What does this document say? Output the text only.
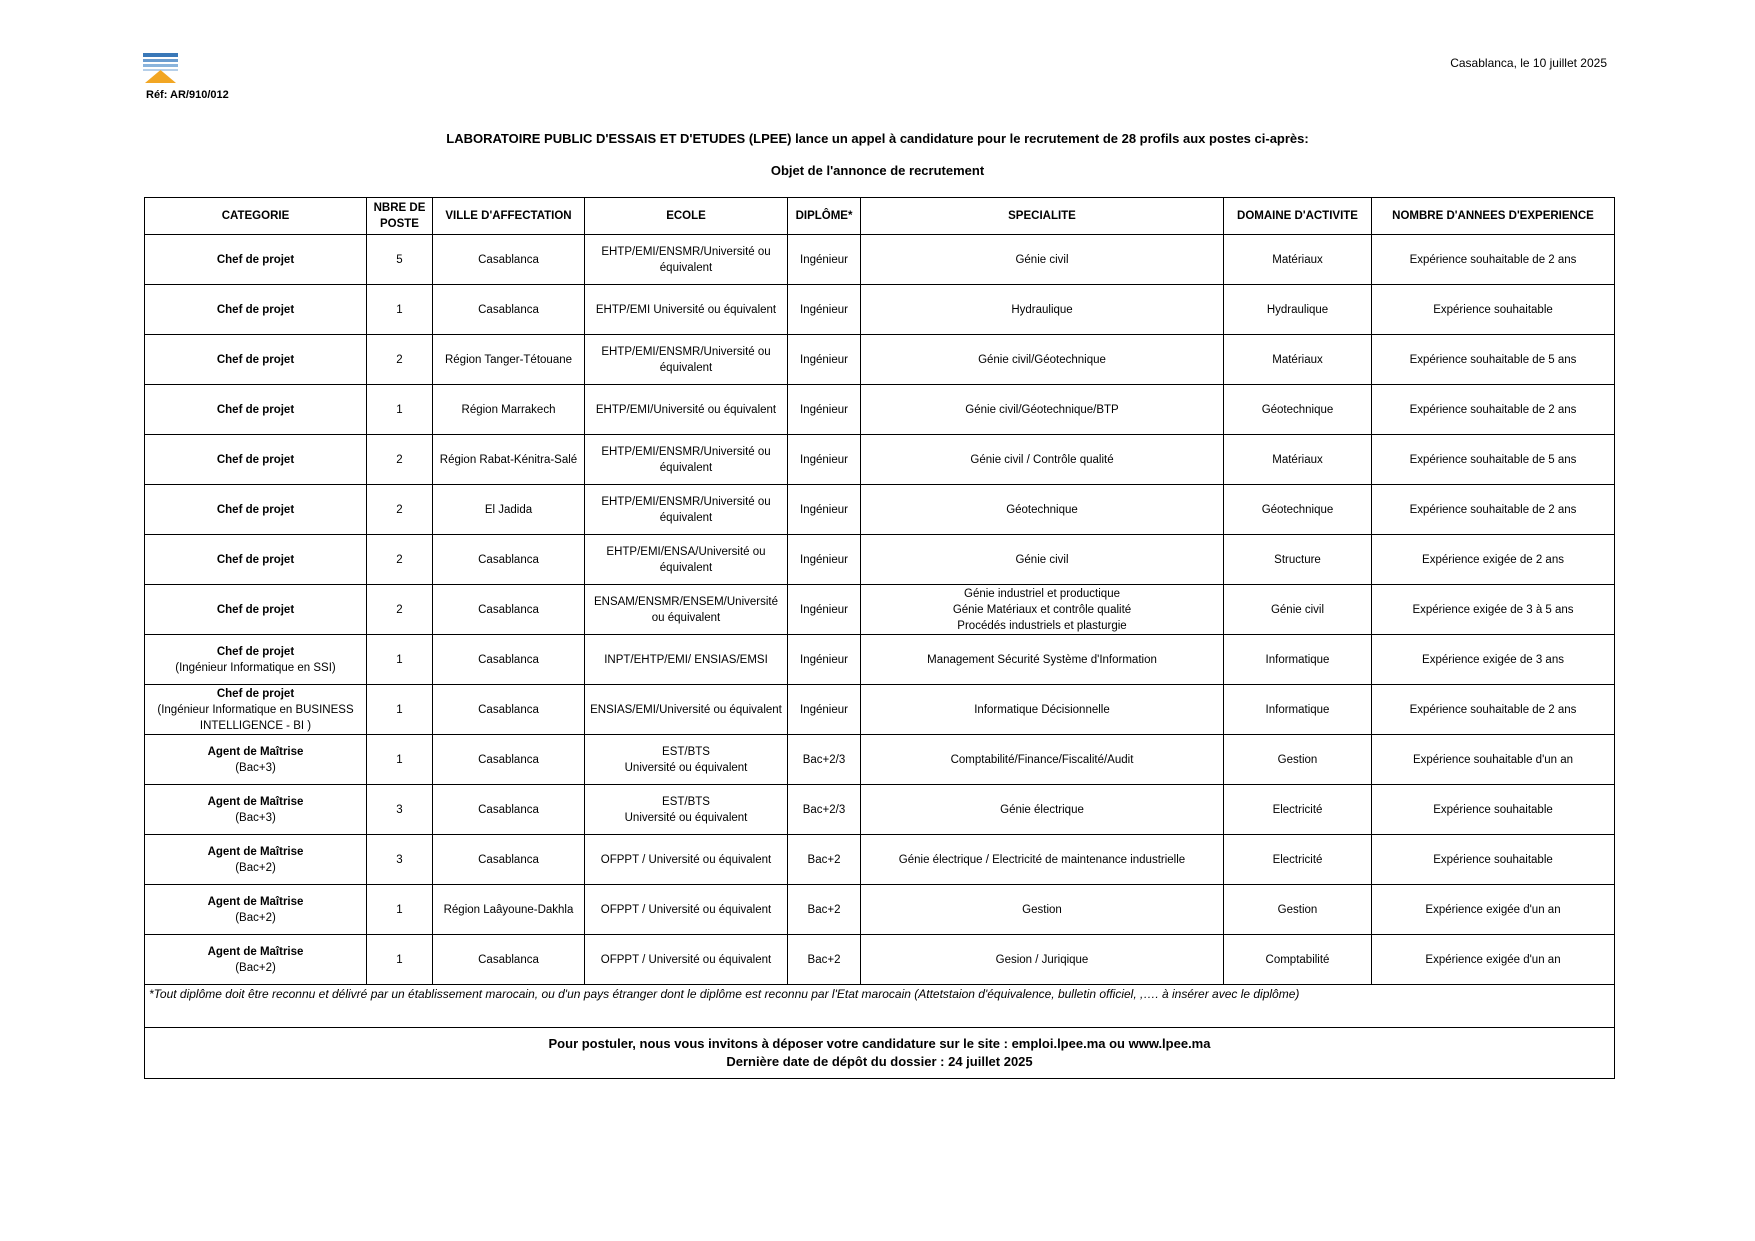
Réf: AR/910/012
Casablanca, le 10 juillet 2025
LABORATOIRE PUBLIC D'ESSAIS ET D'ETUDES (LPEE) lance un appel à candidature pour le recrutement de 28 profils aux postes ci-après:
Objet de l'annonce de recrutement
CATEGORIE	NBRE DE POSTE	VILLE D'AFFECTATION	ECOLE	DIPLÔME*	SPECIALITE	DOMAINE D'ACTIVITE	NOMBRE D'ANNEES D'EXPERIENCE

Chef de projet	5	Casablanca	EHTP/EMI/ENSMR/Université ou
équivalent	Ingénieur	Génie civil	Matériaux	Expérience souhaitable de 2 ans

Chef de projet	1	Casablanca	EHTP/EMI Université ou équivalent	Ingénieur	Hydraulique	Hydraulique	Expérience souhaitable

Chef de projet	2	Région Tanger-Tétouane	EHTP/EMI/ENSMR/Université ou
équivalent	Ingénieur	Génie civil/Géotechnique	Matériaux	Expérience souhaitable de 5 ans

Chef de projet	1	Région Marrakech	EHTP/EMI/Université ou équivalent	Ingénieur	Génie civil/Géotechnique/BTP	Géotechnique	Expérience souhaitable de 2 ans

Chef de projet	2	Région Rabat-Kénitra-Salé	EHTP/EMI/ENSMR/Université ou
équivalent	Ingénieur	Génie civil / Contrôle qualité	Matériaux	Expérience souhaitable de 5 ans

Chef de projet	2	El Jadida	EHTP/EMI/ENSMR/Université ou
équivalent	Ingénieur	Géotechnique	Géotechnique	Expérience souhaitable de 2 ans

Chef de projet	2	Casablanca	EHTP/EMI/ENSA/Université ou
équivalent	Ingénieur	Génie civil	Structure	Expérience exigée de 2 ans

Chef de projet	2	Casablanca	ENSAM/ENSMR/ENSEM/Université
ou équivalent	Ingénieur	Génie industriel et productique
Génie Matériaux et contrôle qualité
Procédés industriels et plasturgie	Génie civil	Expérience exigée de 3 à 5 ans

Chef de projet
(Ingénieur Informatique en SSI)	1	Casablanca	INPT/EHTP/EMI/ ENSIAS/EMSI	Ingénieur	Management Sécurité Système d'Information	Informatique	Expérience exigée de 3 ans

Chef de projet
(Ingénieur Informatique en BUSINESS INTELLIGENCE - BI )	1	Casablanca	ENSIAS/EMI/Université ou équivalent	Ingénieur	Informatique Décisionnelle	Informatique	Expérience souhaitable de 2 ans

Agent de Maîtrise
(Bac+3)	1	Casablanca	EST/BTS
Université ou équivalent	Bac+2/3	Comptabilité/Finance/Fiscalité/Audit	Gestion	Expérience souhaitable d'un an

Agent de Maîtrise
(Bac+3)	3	Casablanca	EST/BTS
Université ou équivalent	Bac+2/3	Génie électrique	Electricité	Expérience souhaitable

Agent de Maîtrise
(Bac+2)	3	Casablanca	OFPPT / Université ou équivalent	Bac+2	Génie électrique / Electricité de maintenance industrielle	Electricité	Expérience souhaitable

Agent de Maîtrise
(Bac+2)	1	Région Laâyoune-Dakhla	OFPPT / Université ou équivalent	Bac+2	Gestion	Gestion	Expérience exigée d'un an

Agent de Maîtrise
(Bac+2)	1	Casablanca	OFPPT / Université ou équivalent	Bac+2	Gesion / Juriqique	Comptabilité	Expérience exigée d'un an
*Tout diplôme doit être reconnu et délivré par un établissement marocain, ou d'un pays étranger dont le diplôme est reconnu par l'Etat marocain (Attetstaion d'équivalence, bulletin officiel, ,…. à insérer avec le diplôme)							

Pour postuler, nous vous invitons à déposer votre candidature sur le site : emploi.lpee.ma ou www.lpee.ma
Dernière date de dépôt du dossier : 24 juillet 2025							
